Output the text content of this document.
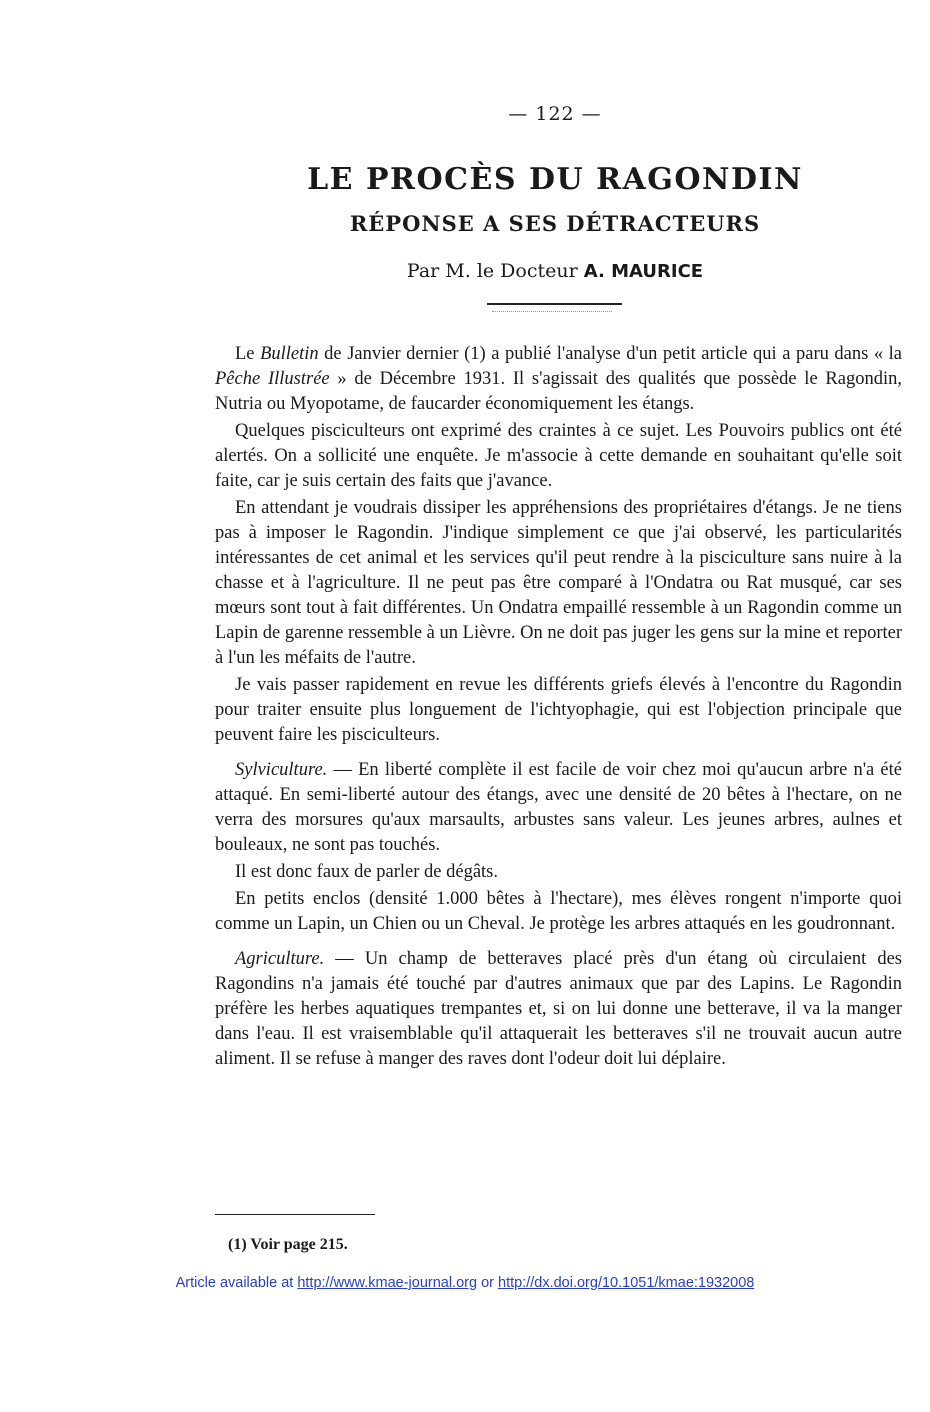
— 122 —
LE PROCÈS DU RAGONDIN
RÉPONSE A SES DÉTRACTEURS
Par M. le Docteur A. MAURICE

Le Bulletin de Janvier dernier (1) a publié l'analyse d'un petit article qui a paru dans « la Pêche Illustrée » de Décembre 1931. Il s'agissait des qualités que possède le Ragondin, Nutria ou Myopotame, de faucarder économiquement les étangs.

Quelques pisciculteurs ont exprimé des craintes à ce sujet. Les Pouvoirs publics ont été alertés. On a sollicité une enquête. Je m'associe à cette demande en souhaitant qu'elle soit faite, car je suis certain des faits que j'avance.

En attendant je voudrais dissiper les appréhensions des propriétaires d'étangs. Je ne tiens pas à imposer le Ragondin. J'indique simplement ce que j'ai observé, les particularités intéressantes de cet animal et les services qu'il peut rendre à la pisciculture sans nuire à la chasse et à l'agriculture. Il ne peut pas être comparé à l'Ondatra ou Rat musqué, car ses mœurs sont tout à fait différentes. Un Ondatra empaillé ressemble à un Ragondin comme un Lapin de garenne ressemble à un Lièvre. On ne doit pas juger les gens sur la mine et reporter à l'un les méfaits de l'autre.

Je vais passer rapidement en revue les différents griefs élevés à l'encontre du Ragondin pour traiter ensuite plus longuement de l'ichtyophagie, qui est l'objection principale que peuvent faire les pisciculteurs.

Sylviculture. — En liberté complète il est facile de voir chez moi qu'aucun arbre n'a été attaqué. En semi-liberté autour des étangs, avec une densité de 20 bêtes à l'hectare, on ne verra des morsures qu'aux marsaults, arbustes sans valeur. Les jeunes arbres, aulnes et bouleaux, ne sont pas touchés.

Il est donc faux de parler de dégâts.

En petits enclos (densité 1.000 bêtes à l'hectare), mes élèves rongent n'importe quoi comme un Lapin, un Chien ou un Cheval. Je protège les arbres attaqués en les goudronnant.

Agriculture. — Un champ de betteraves placé près d'un étang où circulaient des Ragondins n'a jamais été touché par d'autres animaux que par des Lapins. Le Ragondin préfère les herbes aquatiques trempantes et, si on lui donne une betterave, il va la manger dans l'eau. Il est vraisemblable qu'il attaquerait les betteraves s'il ne trouvait aucun autre aliment. Il se refuse à manger des raves dont l'odeur doit lui déplaire.

(1) Voir page 215.
Article available at http://www.kmae-journal.org or http://dx.doi.org/10.1051/kmae:1932008
